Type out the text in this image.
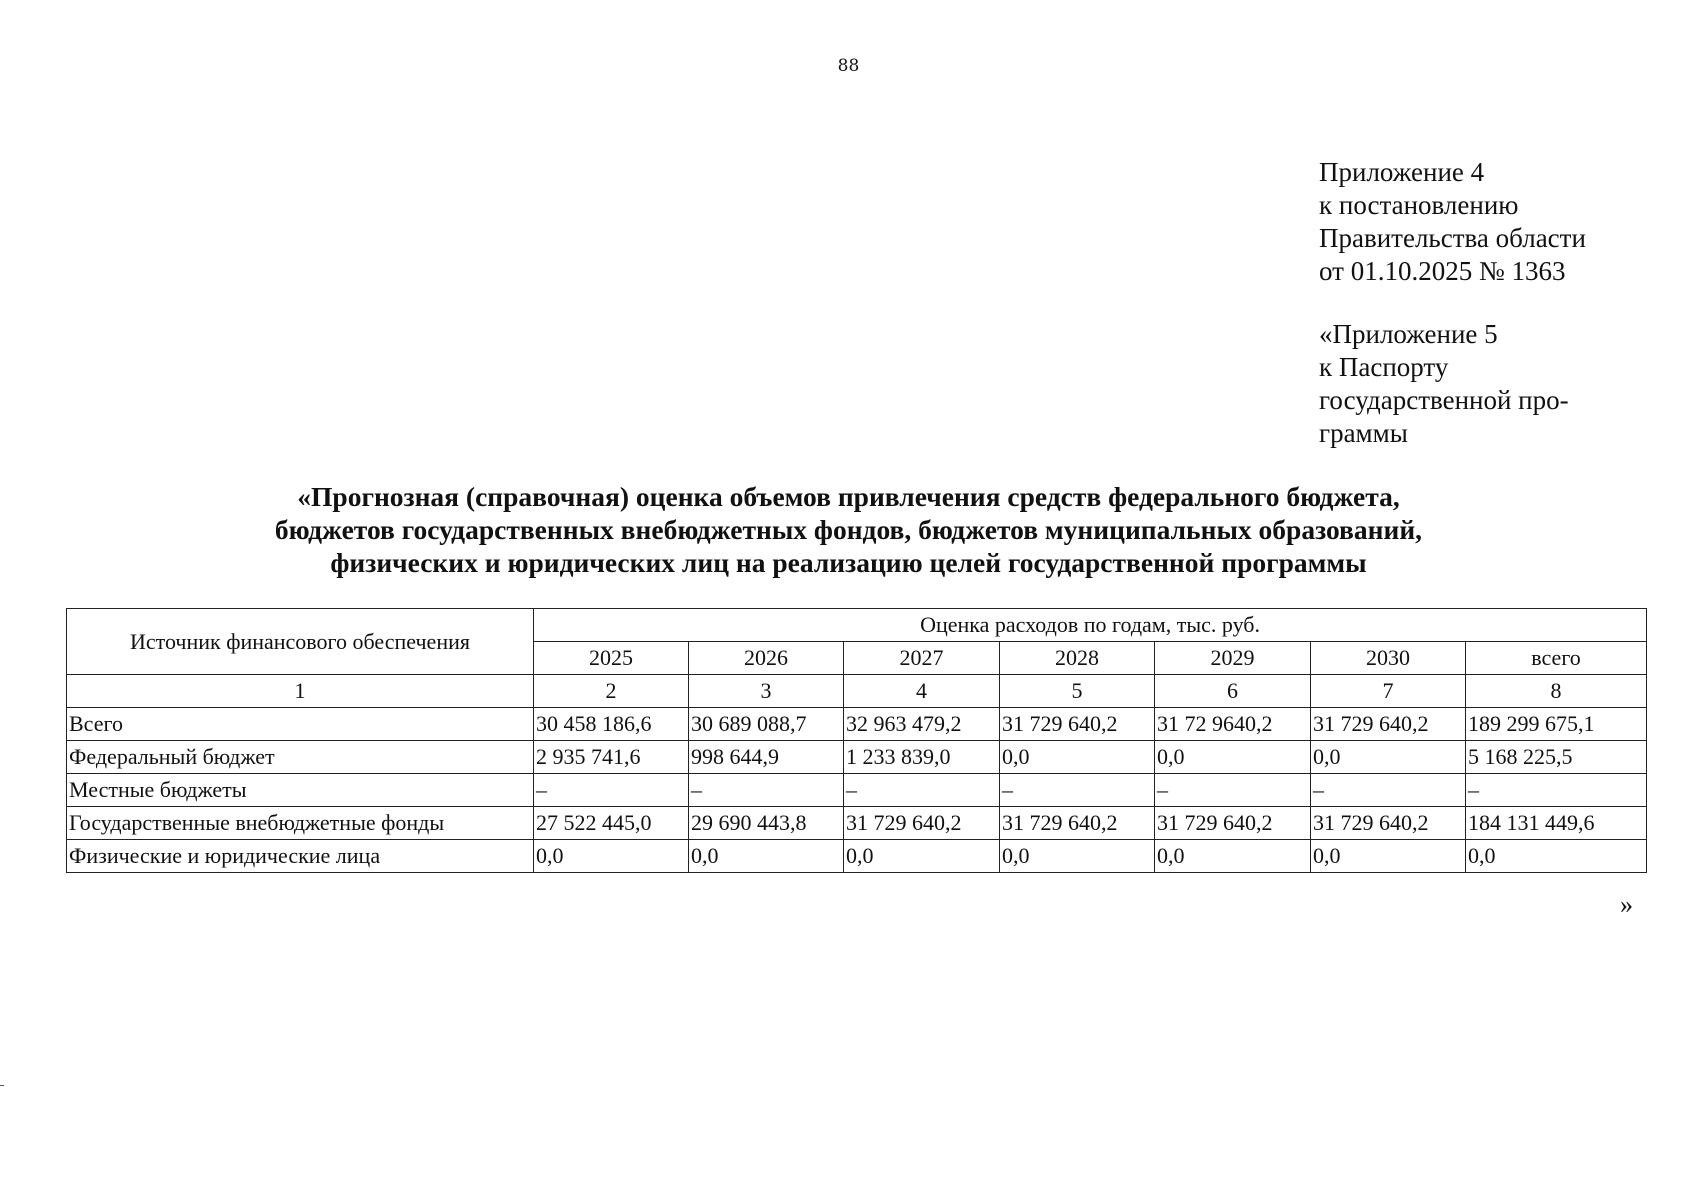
88
Приложение 4
к постановлению
Правительства области
от 01.10.2025 № 1363
«Приложение 5
к Паспорту
государственной про-
граммы
«Прогнозная (справочная) оценка объемов привлечения средств федерального бюджета,
бюджетов государственных внебюджетных фондов, бюджетов муниципальных образований,
физических и юридических лиц на реализацию целей государственной программы
Источник финансового обеспечения	Оценка расходов по годам, тыс. руб.						
	2025	2026	2027	2028	2029	2030	всего
1	2	3	4	5	6	7	8
Всего	30 458 186,6	30 689 088,7	32 963 479,2	31 729 640,2	31 72 9640,2	31 729 640,2	189 299 675,1
Федеральный бюджет	2 935 741,6	998 644,9	1 233 839,0	0,0	0,0	0,0	5 168 225,5
Местные бюджеты	–	–	–	–	–	–	–
Государственные внебюджетные фонды	27 522 445,0	29 690 443,8	31 729 640,2	31 729 640,2	31 729 640,2	31 729 640,2	184 131 449,6
Физические и юридические лица	0,0	0,0	0,0	0,0	0,0	0,0	0,0
»
